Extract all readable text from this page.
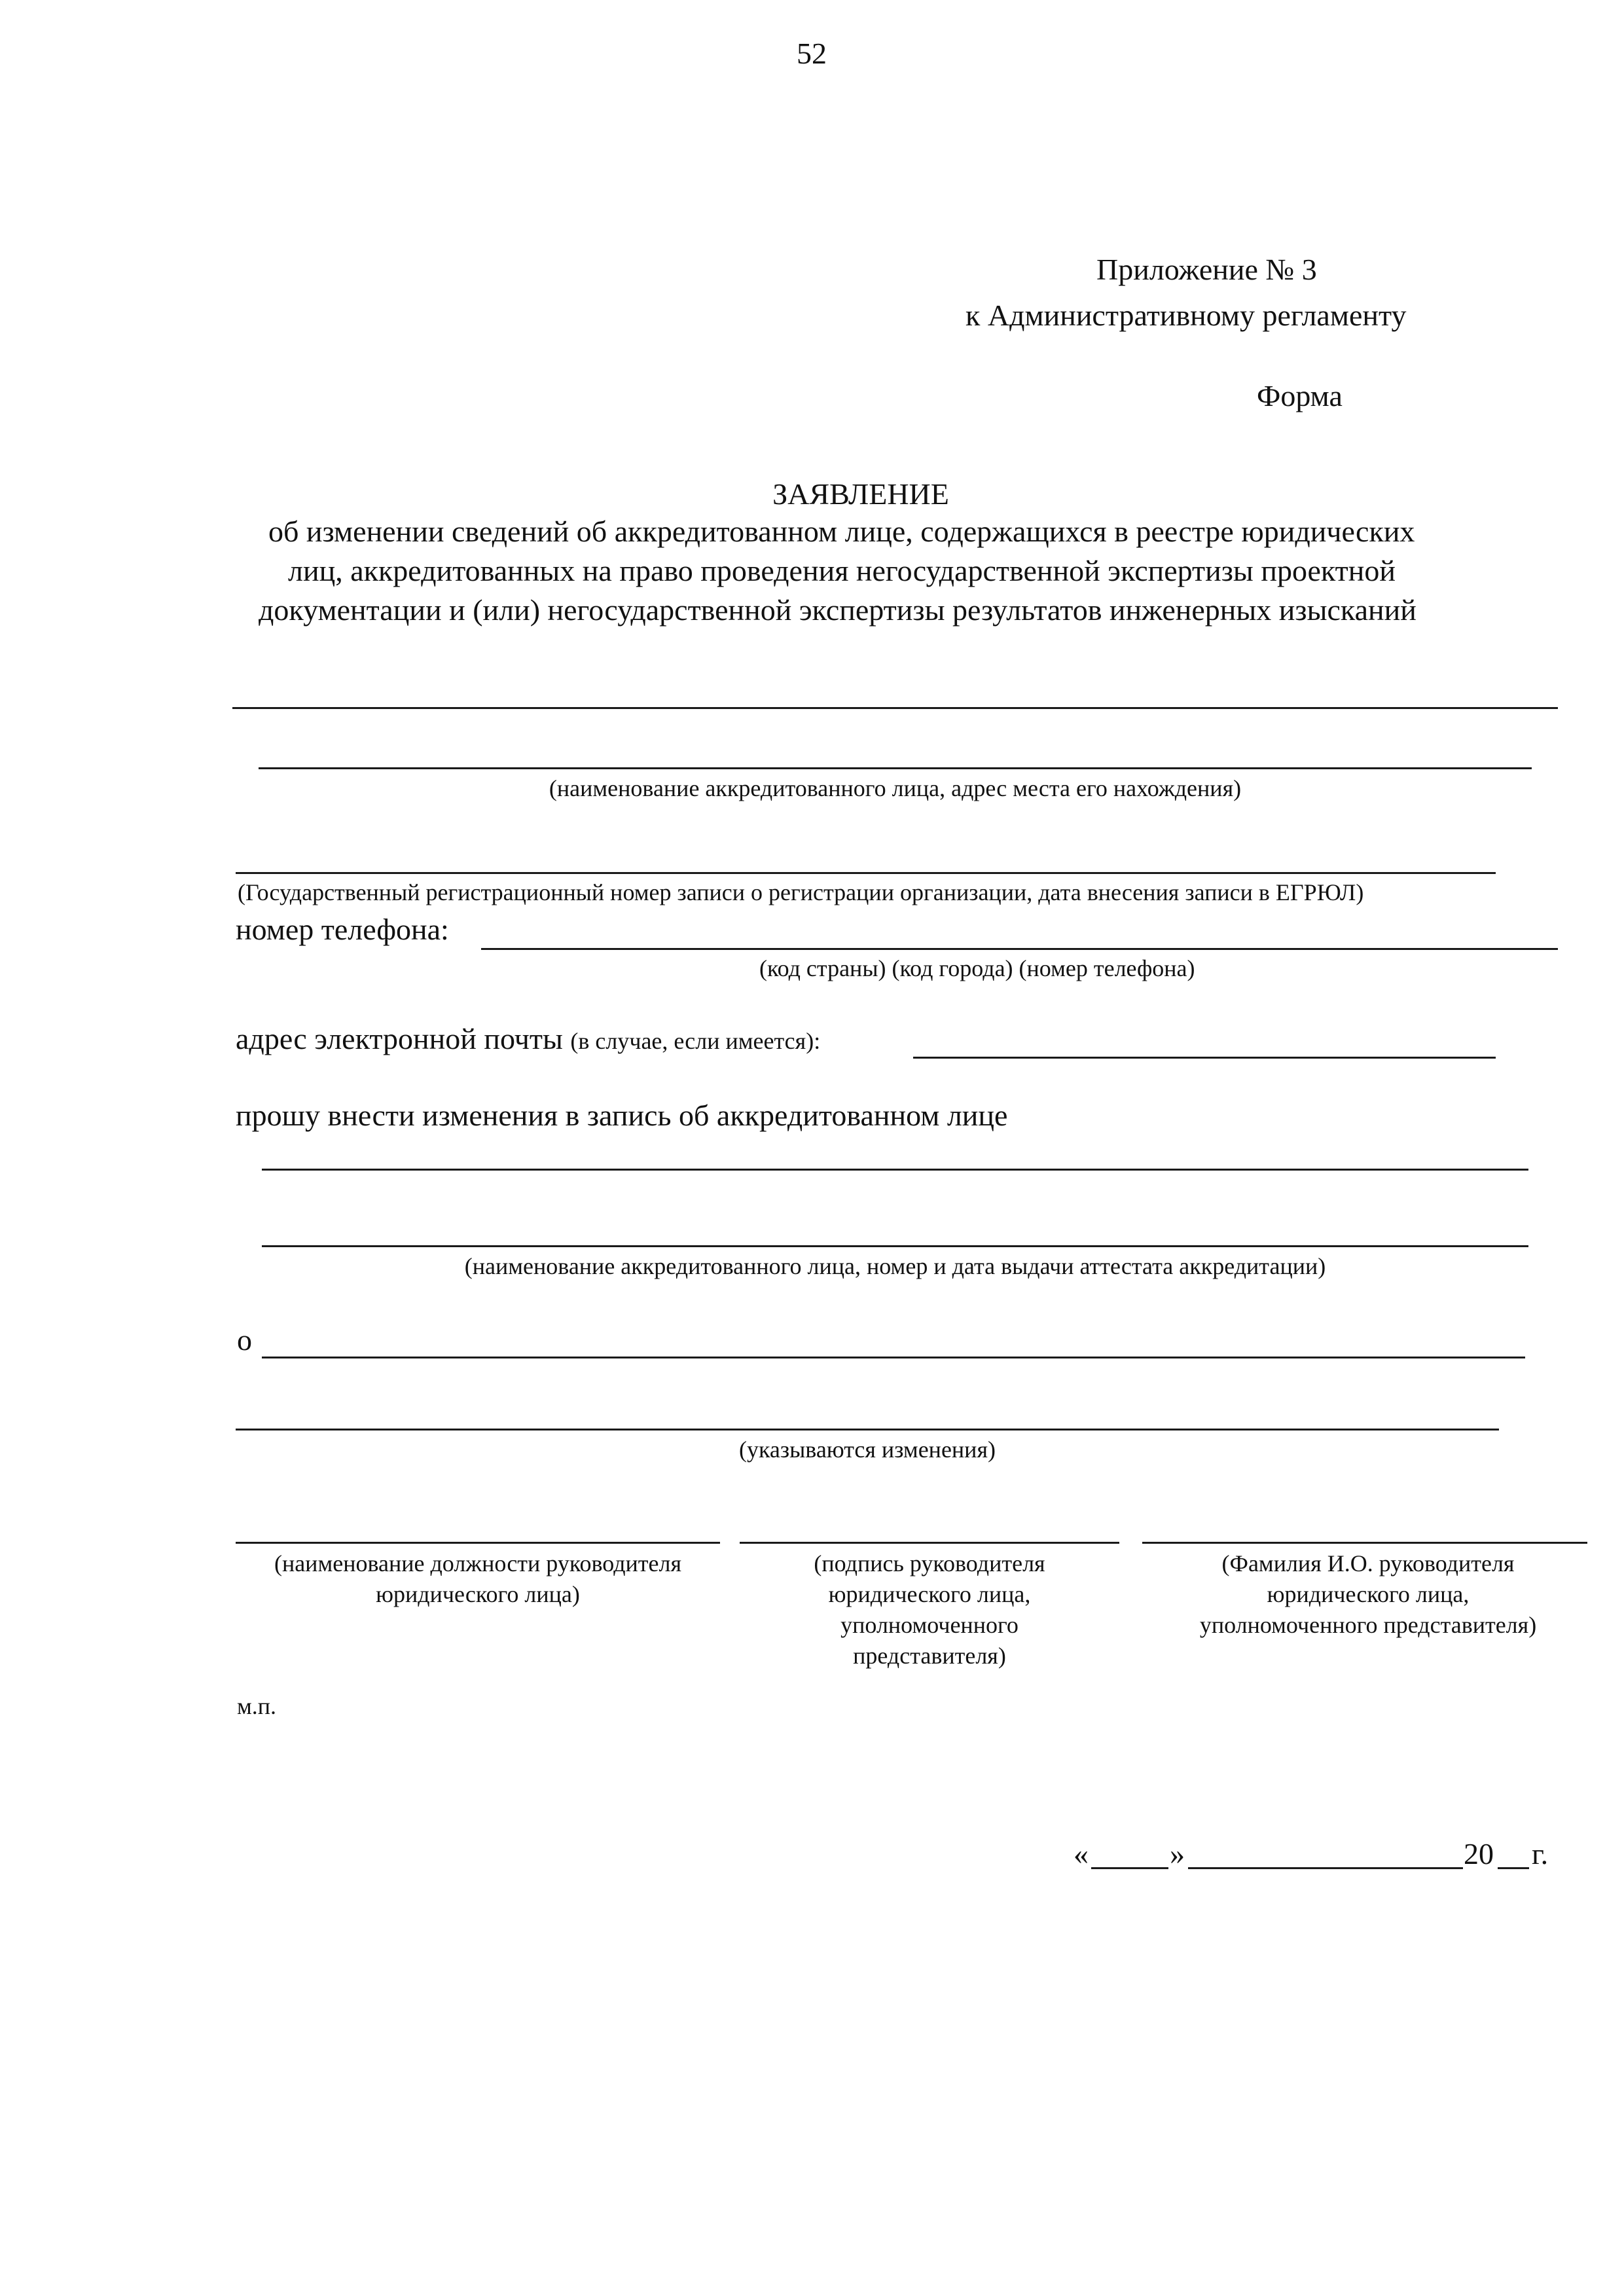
52
Приложение № 3
к Административному регламенту
Форма
ЗАЯВЛЕНИЕ
об изменении сведений об аккредитованном лице, содержащихся в реестре юридических
лиц, аккредитованных на право проведения негосударственной экспертизы проектной
документации и (или) негосударственной экспертизы результатов инженерных изысканий
(наименование аккредитованного лица, адрес места его нахождения)
(Государственный регистрационный номер записи о регистрации организации, дата внесения записи в ЕГРЮЛ)
номер телефона:
(код страны) (код города) (номер телефона)
адрес электронной почты (в случае, если имеется):
прошу внести изменения в запись об аккредитованном лице
(наименование аккредитованного лица, номер и дата выдачи аттестата аккредитации)
о
(указываются изменения)
(наименование должности руководителя
юридического лица)
(подпись руководителя
юридического лица,
уполномоченного
представителя)
(Фамилия И.О. руководителя
юридического лица,
уполномоченного представителя)
м.п.
«	»	20 г.
